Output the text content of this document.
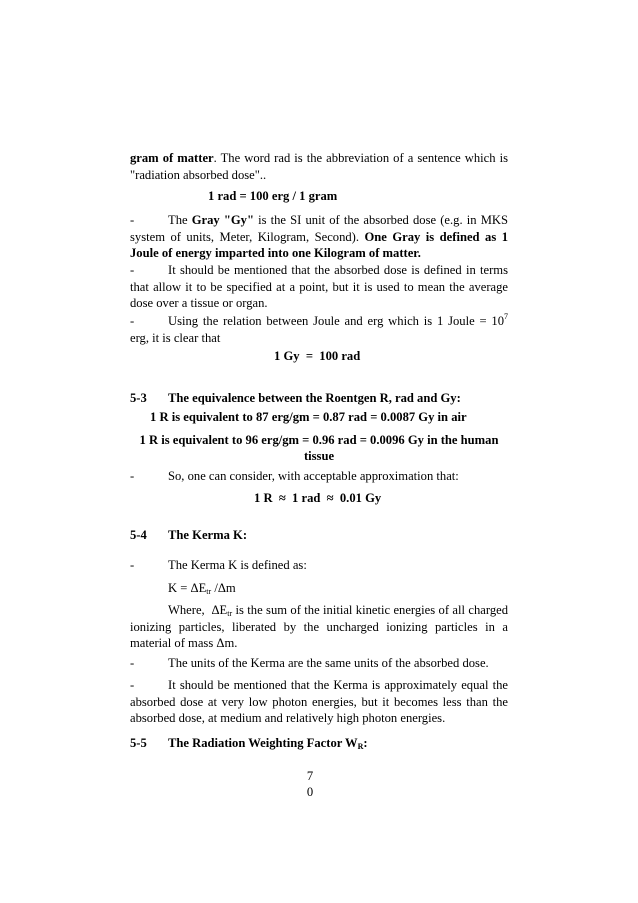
gram of matter. The word rad is the abbreviation of a sentence which is
"radiation absorbed dose"..
1 rad = 100 erg / 1 gram
-	The Gray "Gy" is the SI unit of the absorbed dose (e.g. in MKS system of units, Meter, Kilogram, Second). One Gray is defined as 1 Joule of energy imparted into one Kilogram of matter.
-	It should be mentioned that the absorbed dose is defined in terms that allow it to be specified at a point, but it is used to mean the average dose over a tissue or organ.
-	Using the relation between Joule and erg which is 1 Joule = $10^7$
erg, it is clear that
1 Gy  =  100 rad
5-3 The equivalence between the Roentgen R, rad and Gy:
1 R is equivalent to 87 erg/gm = 0.87 rad = 0.0087 Gy in air
1 R is equivalent to 96 erg/gm = 0.96 rad = 0.0096 Gy in the human
tissue
-	So, one can consider, with acceptable approximation that:
1 R  ≈  1 rad  ≈  0.01 Gy
5-4 The Kerma K:
-	The Kerma K is defined as:
$K = \Delta E_{tr}$ /Δm
Where,  $\Delta E_{tr}$ is the sum of the initial kinetic energies of all charged ionizing particles, liberated by the uncharged ionizing particles in a material of mass Δm.
-	The units of the Kerma are the same units of the absorbed dose.
-	It should be mentioned that the Kerma is approximately equal the absorbed dose at very low photon energies, but it becomes less than the absorbed dose, at medium and relatively high photon energies.
5-5 The Radiation Weighting Factor $W_R$:
7
0
